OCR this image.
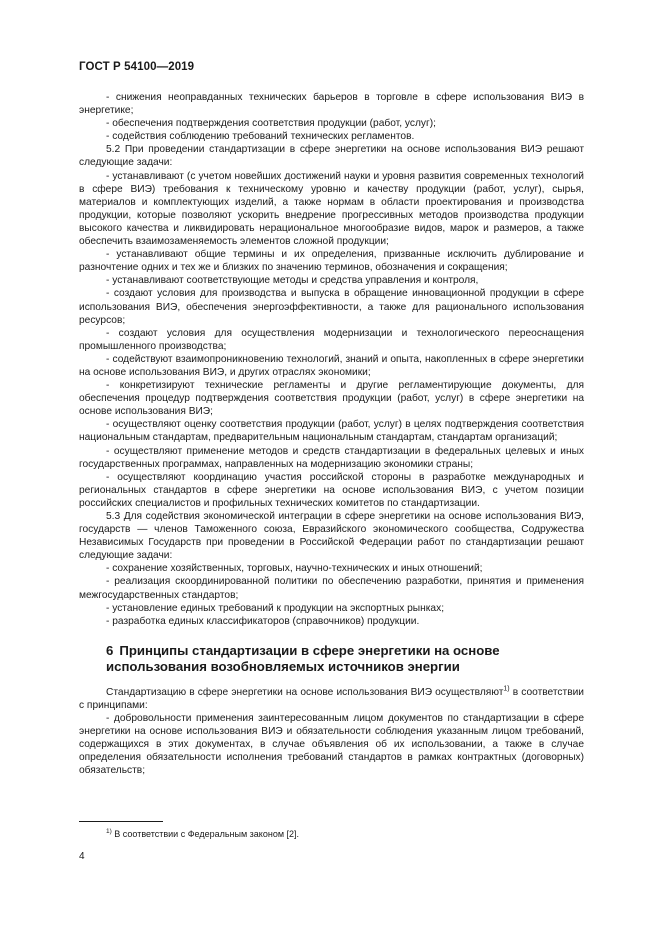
ГОСТ Р 54100—2019

- снижения неоправданных технических барьеров в торговле в сфере использования ВИЭ в энергетике;

- обеспечения подтверждения соответствия продукции (работ, услуг);

- содействия соблюдению требований технических регламентов.

5.2 При проведении стандартизации в сфере энергетики на основе использования ВИЭ решают следующие задачи:

- устанавливают (с учетом новейших достижений науки и уровня развития современных технологий в сфере ВИЭ) требования к техническому уровню и качеству продукции (работ, услуг), сырья, материалов и комплектующих изделий, а также нормам в области проектирования и производства продукции, которые позволяют ускорить внедрение прогрессивных методов производства продукции высокого качества и ликвидировать нерациональное многообразие видов, марок и размеров, а также обеспечить взаимозаменяемость элементов сложной продукции;

- устанавливают общие термины и их определения, призванные исключить дублирование и разночтение одних и тех же и близких по значению терминов, обозначения и сокращения;

- устанавливают соответствующие методы и средства управления и контроля,

- создают условия для производства и выпуска в обращение инновационной продукции в сфере использования ВИЭ, обеспечения энергоэффективности, а также для рационального использования ресурсов;

- создают условия для осуществления модернизации и технологического переоснащения промышленного производства;

- содействуют взаимопроникновению технологий, знаний и опыта, накопленных в сфере энергетики на основе использования ВИЭ, и других отраслях экономики;

- конкретизируют технические регламенты и другие регламентирующие документы, для обеспечения процедур подтверждения соответствия продукции (работ, услуг) в сфере энергетики на основе использования ВИЭ;

- осуществляют оценку соответствия продукции (работ, услуг) в целях подтверждения соответствия национальным стандартам, предварительным национальным стандартам, стандартам организаций;

- осуществляют применение методов и средств стандартизации в федеральных целевых и иных государственных программах, направленных на модернизацию экономики страны;

- осуществляют координацию участия российской стороны в разработке международных и региональных стандартов в сфере энергетики на основе использования ВИЭ, с учетом позиции российских специалистов и профильных технических комитетов по стандартизации.

5.3 Для содействия экономической интеграции в сфере энергетики на основе использования ВИЭ, государств — членов Таможенного союза, Евразийского экономического сообщества, Содружества Независимых Государств при проведении в Российской Федерации работ по стандартизации решают следующие задачи:

- сохранение хозяйственных, торговых, научно-технических и иных отношений;

- реализация скоординированной политики по обеспечению разработки, принятия и применения межгосударственных стандартов;

- установление единых требований к продукции на экспортных рынках;

- разработка единых классификаторов (справочников) продукции.

6 Принципы стандартизации в сфере энергетики на основе
использования возобновляемых источников энергии

Стандартизацию в сфере энергетики на основе использования ВИЭ осуществляют$^{1)}$ в соответствии с принципами:

- добровольности применения заинтересованным лицом документов по стандартизации в сфере энергетики на основе использования ВИЭ и обязательности соблюдения указанным лицом требований, содержащихся в этих документах, в случае объявления об их использовании, а также в случае определения обязательности исполнения требований стандартов в рамках контрактных (договорных) обязательств;

$^{1)}$ В соответствии с Федеральным законом [2].
4
